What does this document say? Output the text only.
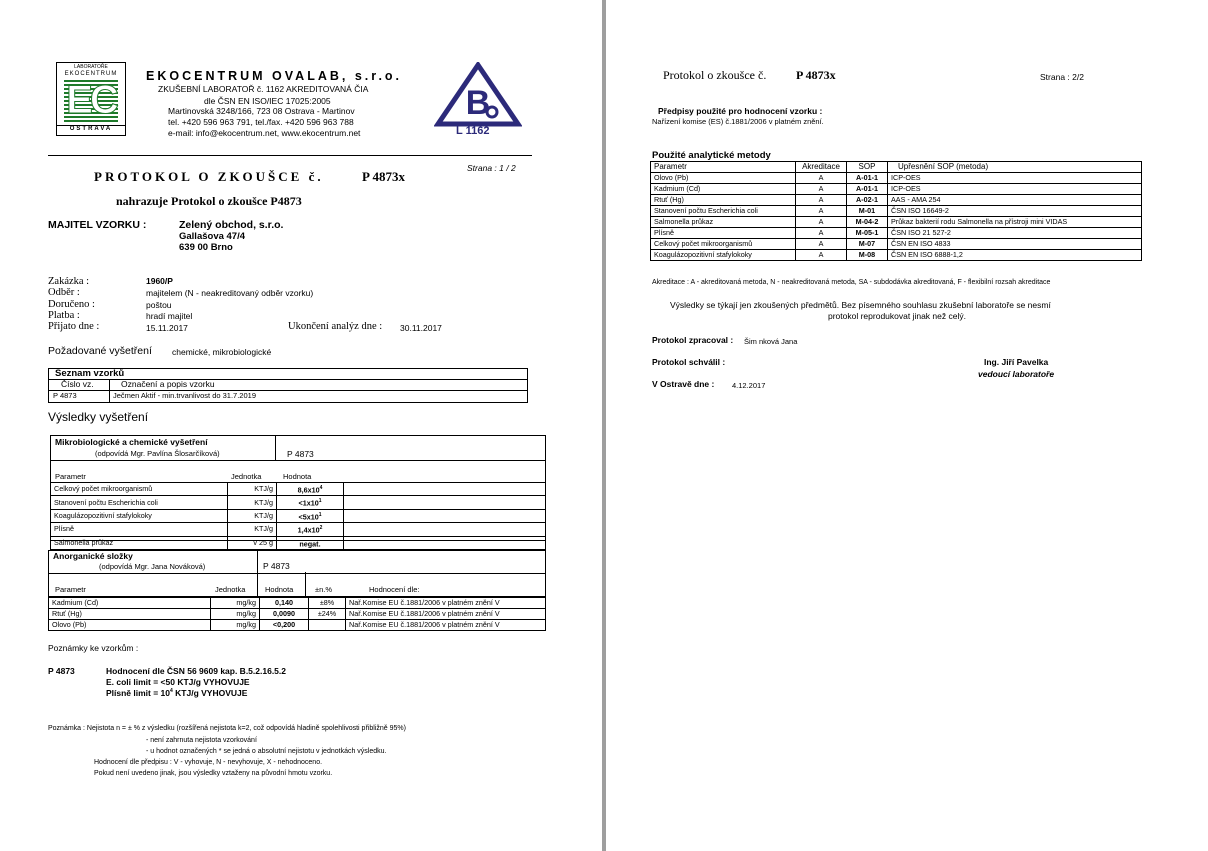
LABORATOŘE
EKOCENTRUM
EC
OSTRAVA
EKOCENTRUM OVALAB, s.r.o.
ZKUŠEBNÍ LABORATOŘ č. 1162 AKREDITOVANÁ ČIA
dle ČSN EN ISO/IEC 17025:2005
Martinovská 3248/166, 723 08 Ostrava - Martinov
tel. +420 596 963 791, tel./fax. +420 596 963 788
e-mail: info@ekocentrum.net, www.ekocentrum.net
B
L 1162
Strana : 1 / 2
PROTOKOL O ZKOUŠCE č.	P 4873x
nahrazuje Protokol o zkoušce P4873
MAJITEL VZORKU :	Zelený obchod, s.r.o.
Gallašova 47/4
639 00 Brno
Zakázka :	1960/P
Odběr :	majitelem (N - neakreditovaný odběr vzorku)
Doručeno :	poštou
Platba :	hradí majitel
Přijato dne :	15.11.2017	Ukončení analýz dne : 30.11.2017
Požadované vyšetření chemické, mikrobiologické
Seznam vzorků
Číslo vz.	Označení a popis vzorku
P 4873	Ječmen Aktif - min.trvanlivost do 31.7.2019
Výsledky vyšetření
Mikrobiologické a chemické vyšetření
(odpovídá Mgr. Pavlína Šlosarčíková)	P 4873
Parametr	Jednotka	Hodnota
Celkový počet mikroorganismů	KTJ/g	$8,6x10^4$	
Stanovení počtu Escherichia coli	KTJ/g	$<1x10^1$	
Koagulázopozitivní stafylokoky	KTJ/g	$<5x10^1$	
Plísně	KTJ/g	$1,4x10^2$	
Salmonella průkaz	v 25 g	negat.	
Anorganické složky
(odpovídá Mgr. Jana Nováková)	P 4873
Parametr	Jednotka	Hodnota	±n.%	Hodnocení dle:
Kadmium (Cd)	mg/kg	0,140	±8%	Nař.Komise EU č.1881/2006 v platném znění V
Rtuť (Hg)	mg/kg	0,0090	±24%	Nař.Komise EU č.1881/2006 v platném znění V
Olovo (Pb)	mg/kg	<0,200		Nař.Komise EU č.1881/2006 v platném znění V
Poznámky ke vzorkům :
P 4873	Hodnocení dle ČSN 56 9609 kap. B.5.2.16.5.2
E. coli limit = <50 KTJ/g VYHOVUJE
Plísně limit = $10^4$ KTJ/g VYHOVUJE
Poznámka : Nejistota n = ± % z výsledku (rozšířená nejistota k=2, což odpovídá hladině spolehlivosti přibližně 95%)
- není zahrnuta nejistota vzorkování
- u hodnot označených * se jedná o absolutní nejistotu v jednotkách výsledku.
Hodnocení dle předpisu : V - vyhovuje, N - nevyhovuje, X - nehodnoceno.
Pokud není uvedeno jinak, jsou výsledky vztaženy na původní hmotu vzorku.
Protokol o zkoušce č. P 4873x	Strana : 2/2
Předpisy použité pro hodnocení vzorku :
Nařízení komise (ES) č.1881/2006 v platném znění.
Použité analytické metody
Parametr	Akreditace	SOP	Upřesnění SOP (metoda)
Olovo (Pb)	A	A-01-1	ICP-OES
Kadmium (Cd)	A	A-01-1	ICP-OES
Rtuť (Hg)	A	A-02-1	AAS - AMA 254
Stanovení počtu Escherichia coli	A	M-01	ČSN ISO 16649-2
Salmonella průkaz	A	M-04-2	Průkaz bakterií rodu Salmonella na přístroji mini VIDAS
Plísně	A	M-05-1	ČSN ISO 21 527-2
Celkový počet mikroorganismů	A	M-07	ČSN EN ISO 4833
Koagulázopozitivní stafylokoky	A	M-08	ČSN EN ISO 6888-1,2
Akreditace : A - akreditovaná metoda, N - neakreditovaná metoda, SA - subdodávka akreditovaná, F - flexibilní rozsah akreditace
Výsledky se týkají jen zkoušených předmětů. Bez písemného souhlasu zkušební laboratoře se nesmí
protokol reprodukovat jinak než celý.
Protokol zpracoval : Šim nková Jana
Protokol schválil :	Ing. Jiří Pavelka
vedoucí laboratoře
V Ostravě dne : 4.12.2017
